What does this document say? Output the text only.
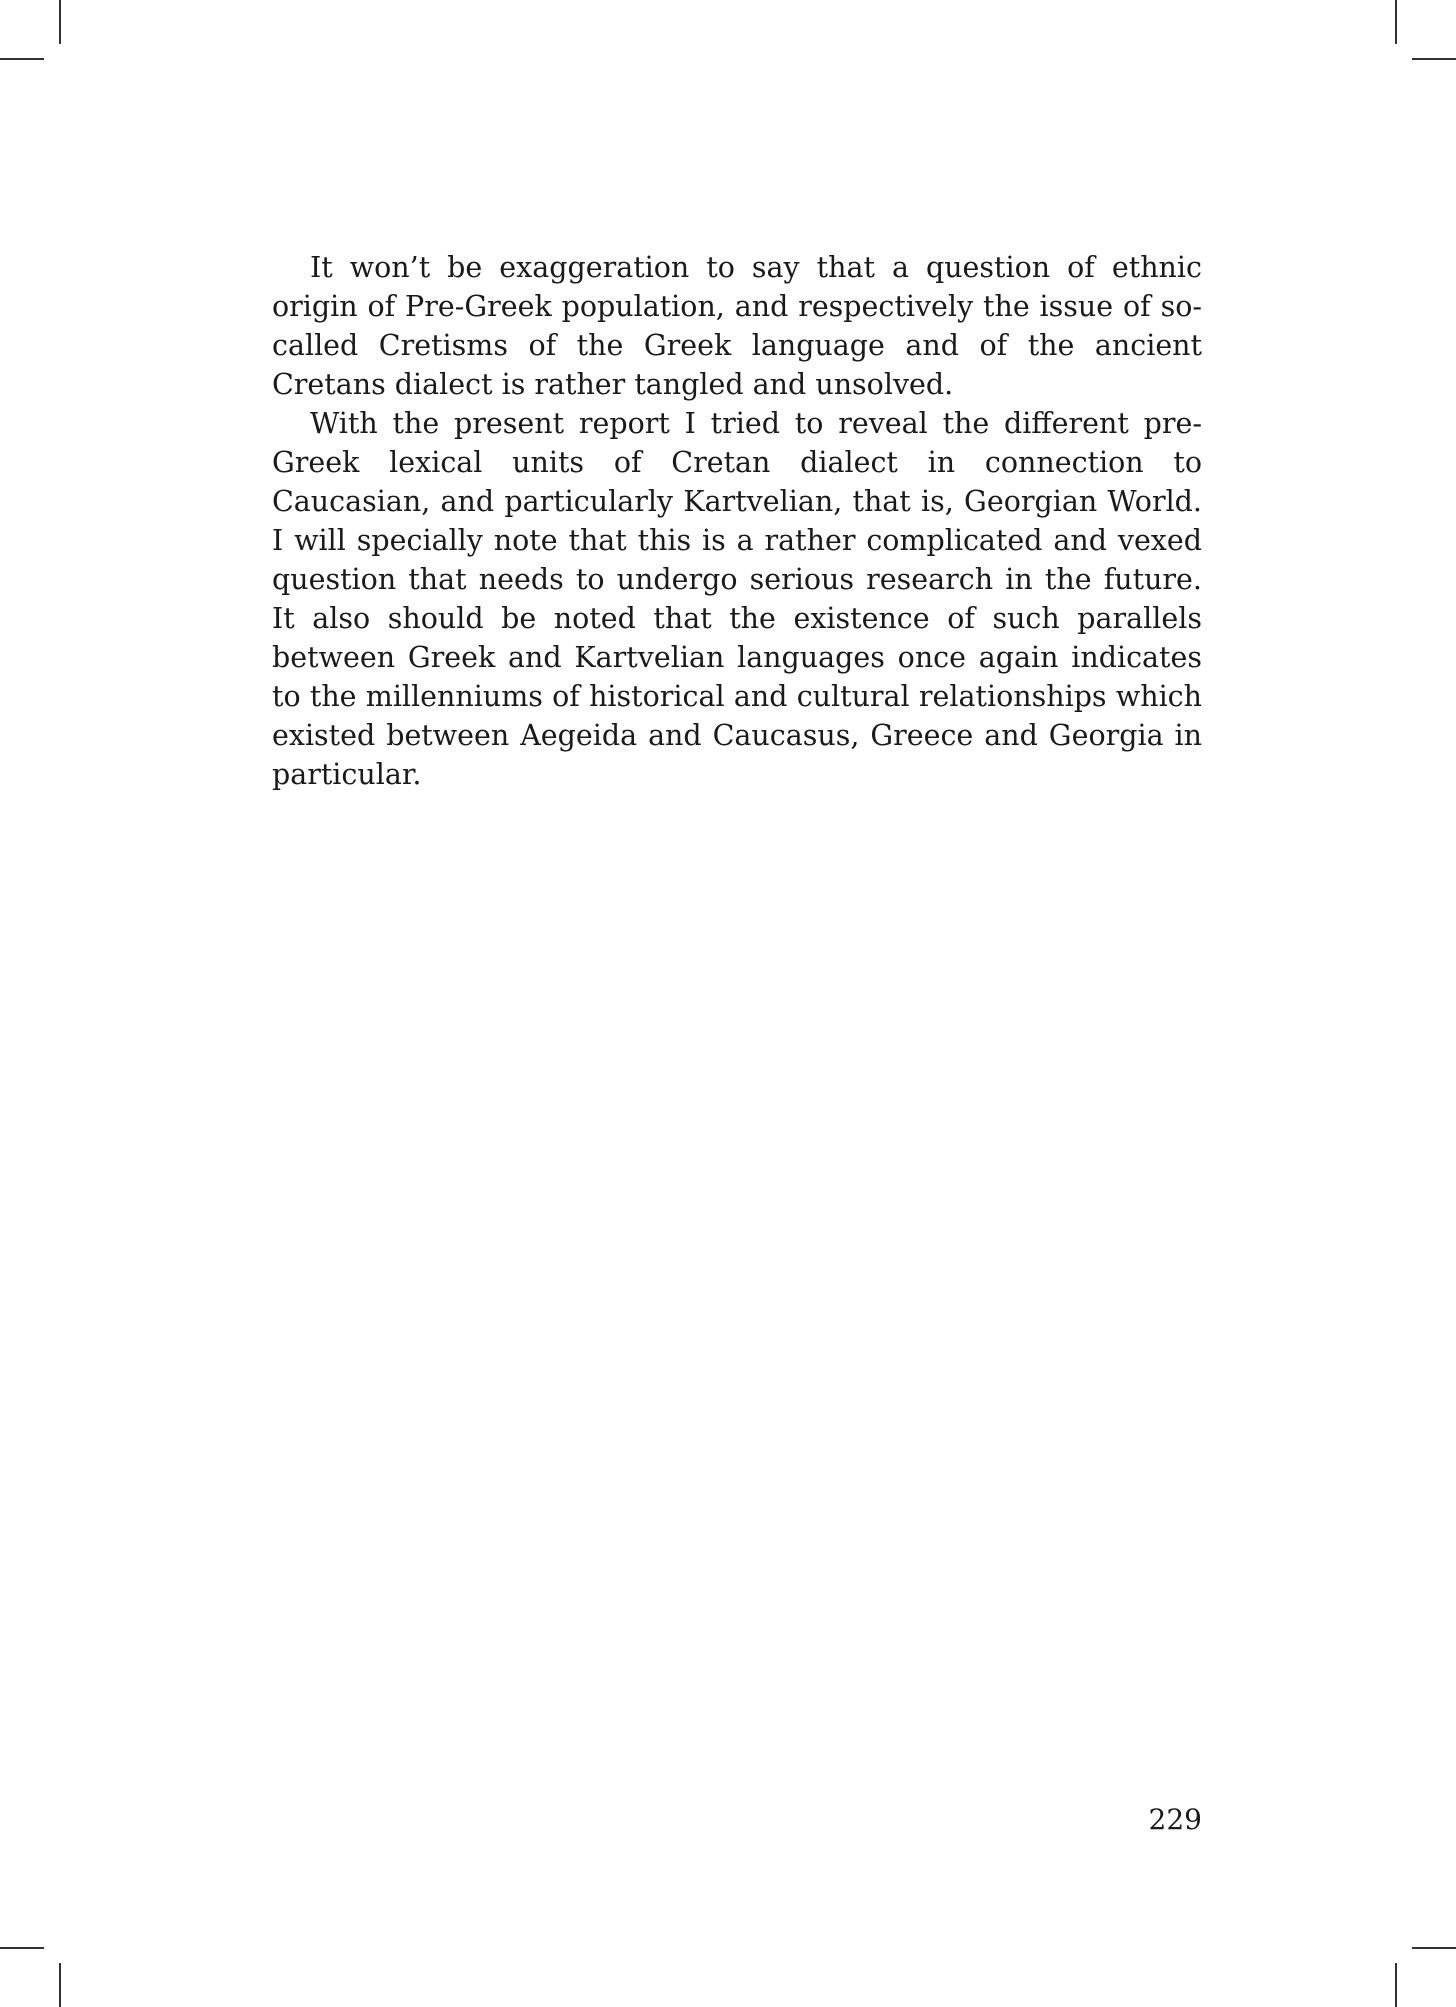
It won’t be exaggeration to say that a question of ethnic origin of Pre-Greek population, and respectively the issue of so-called Cretisms of the Greek language and of the ancient Cretans dialect is rather tangled and unsolved.

With the present report I tried to reveal the different pre-Greek lexical units of Cretan dialect in connection to Caucasian, and particularly Kartvelian, that is, Georgian World. I will specially note that this is a rather complicated and vexed question that needs to undergo serious research in the future. It also should be noted that the existence of such parallels between Greek and Kartvelian languages once again indicates to the millenniums of historical and cultural relationships which existed between Aegeida and Caucasus, Greece and Georgia in particular.

229
